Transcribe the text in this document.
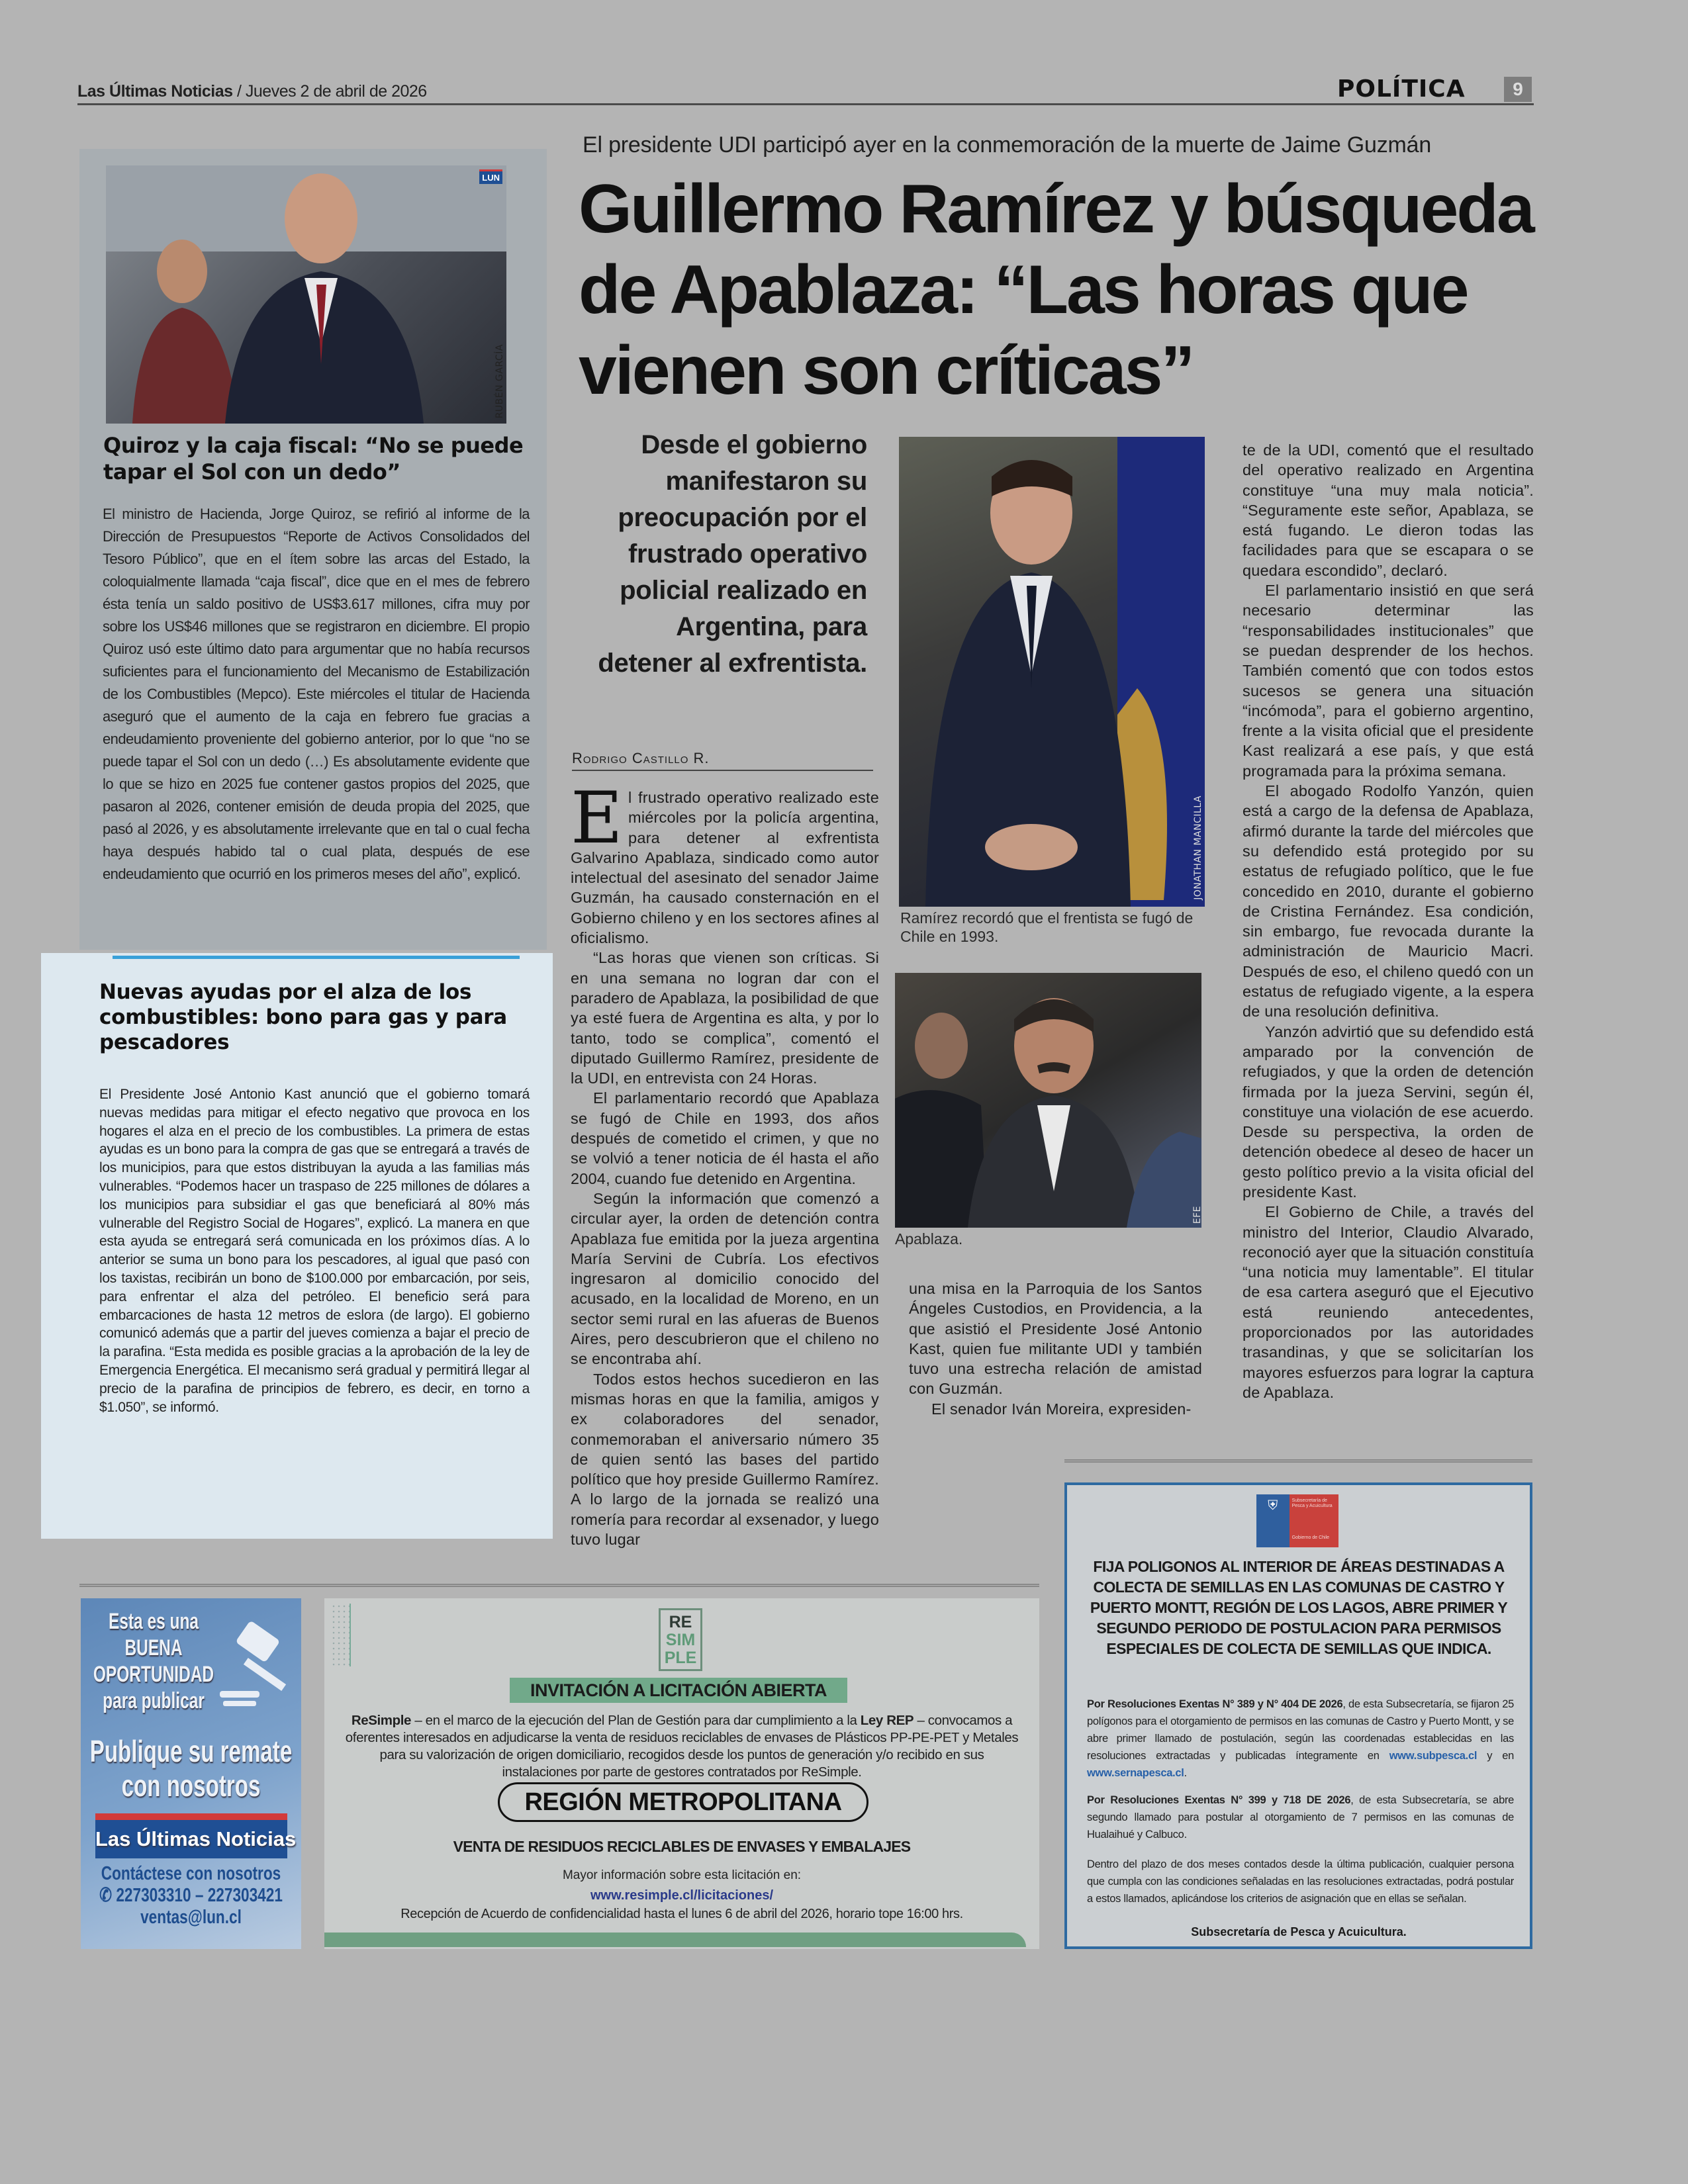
Las Últimas Noticias / Jueves 2 de abril de 2026	POLÍTICA	9
LUN
RUBÉN GARCÍA
Quiroz y la caja fiscal: “No se puede tapar el Sol con un dedo”
El ministro de Hacienda, Jorge Quiroz, se refirió al informe de la Dirección de Presupuestos “Reporte de Activos Consolidados del Tesoro Público”, que en el ítem sobre las arcas del Estado, la coloquialmente llamada “caja fiscal”, dice que en el mes de febrero ésta tenía un saldo positivo de US$3.617 millones, cifra muy por sobre los US$46 millones que se registraron en diciembre. El propio Quiroz usó este último dato para argumentar que no había recursos suficientes para el funcionamiento del Mecanismo de Estabilización de los Combustibles (Mepco). Este miércoles el titular de Hacienda aseguró que el aumento de la caja en febrero fue gracias a endeudamiento proveniente del gobierno anterior, por lo que “no se puede tapar el Sol con un dedo (…) Es absolutamente evidente que lo que se hizo en 2025 fue contener gastos propios del 2025, que pasaron al 2026, contener emisión de deuda propia del 2025, que pasó al 2026, y es absolutamente irrelevante que en tal o cual fecha haya después habido tal o cual plata, después de ese endeudamiento que ocurrió en los primeros meses del año”, explicó.
Nuevas ayudas por el alza de los combustibles: bono para gas y para pescadores
El Presidente José Antonio Kast anunció que el gobierno tomará nuevas medidas para mitigar el efecto negativo que provoca en los hogares el alza en el precio de los combustibles. La primera de estas ayudas es un bono para la compra de gas que se entregará a través de los municipios, para que estos distribuyan la ayuda a las familias más vulnerables. “Podemos hacer un traspaso de 225 millones de dólares a los municipios para subsidiar el gas que beneficiará al 80% más vulnerable del Registro Social de Hogares”, explicó. La manera en que esta ayuda se entregará será comunicada en los próximos días. A lo anterior se suma un bono para los pescadores, al igual que pasó con los taxistas, recibirán un bono de $100.000 por embarcación, por seis, para enfrentar el alza del petróleo. El beneficio será para embarcaciones de hasta 12 metros de eslora (de largo). El gobierno comunicó además que a partir del jueves comienza a bajar el precio de la parafina. “Esta medida es posible gracias a la aprobación de la ley de Emergencia Energética. El mecanismo será gradual y permitirá llegar al precio de la parafina de principios de febrero, es decir, en torno a $1.050”, se informó.
El presidente UDI participó ayer en la conmemoración de la muerte de Jaime Guzmán
Guillermo Ramírez y búsqueda
de Apablaza: “Las horas que
vienen son críticas”
Desde el gobierno manifestaron su preocupación por el frustrado operativo policial realizado en Argentina, para detener al exfrentista.
Rodrigo Castillo R.

El frustrado operativo realizado este miércoles por la policía argentina, para detener al exfrentista Galvarino Apablaza, sindicado como autor intelectual del asesinato del senador Jaime Guzmán, ha causado consternación en el Gobierno chileno y en los sectores afines al oficialismo.

“Las horas que vienen son críticas. Si en una semana no logran dar con el paradero de Apablaza, la posibilidad de que ya esté fuera de Argentina es alta, y por lo tanto, todo se complica”, comentó el diputado Guillermo Ramírez, presidente de la UDI, en entrevista con 24 Horas.

El parlamentario recordó que Apablaza se fugó de Chile en 1993, dos años después de cometido el crimen, y que no se volvió a tener noticia de él hasta el año 2004, cuando fue detenido en Argentina.

Según la información que comenzó a circular ayer, la orden de detención contra Apablaza fue emitida por la jueza argentina María Servini de Cubría. Los efectivos ingresaron al domicilio conocido del acusado, en la localidad de Moreno, en un sector semi rural en las afueras de Buenos Aires, pero descubrieron que el chileno no se encontraba ahí.

Todos estos hechos sucedieron en las mismas horas en que la familia, amigos y ex colaboradores del senador, conmemoraban el aniversario número 35 de quien sentó las bases del partido político que hoy preside Guillermo Ramírez. A lo largo de la jornada se realizó una romería para recordar al exsenador, y luego tuvo lugar

JONATHAN MANCILLA
Ramírez recordó que el frentista se fugó de Chile en 1993.
EFE
Apablaza.

una misa en la Parroquia de los Santos Ángeles Custodios, en Providencia, a la que asistió el Presidente José Antonio Kast, quien fue militante UDI y también tuvo una estrecha relación de amistad con Guzmán.

El senador Iván Moreira, expresiden-

te de la UDI, comentó que el resultado del operativo realizado en Argentina constituye “una muy mala noticia”. “Seguramente este señor, Apablaza, se está fugando. Le dieron todas las facilidades para que se escapara o se quedara escondido”, declaró.

El parlamentario insistió en que será necesario determinar las “responsabilidades institucionales” que se puedan desprender de los hechos. También comentó que con todos estos sucesos se genera una situación “incómoda”, para el gobierno argentino, frente a la visita oficial que el presidente Kast realizará a ese país, y que está programada para la próxima semana.

El abogado Rodolfo Yanzón, quien está a cargo de la defensa de Apablaza, afirmó durante la tarde del miércoles que su defendido está protegido por su estatus de refugiado político, que le fue concedido en 2010, durante el gobierno de Cristina Fernández. Esa condición, sin embargo, fue revocada durante la administración de Mauricio Macri. Después de eso, el chileno quedó con un estatus de refugiado vigente, a la espera de una resolución definitiva.

Yanzón advirtió que su defendido está amparado por la convención de refugiados, y que la orden de detención firmada por la jueza Servini, según él, constituye una violación de ese acuerdo. Desde su perspectiva, la orden de detención obedece al deseo de hacer un gesto político previo a la visita oficial del presidente Kast.

El Gobierno de Chile, a través del ministro del Interior, Claudio Alvarado, reconoció ayer que la situación constituía “una noticia muy lamentable”. El titular de esa cartera aseguró que el Ejecutivo está reuniendo antecedentes, proporcionados por las autoridades trasandinas, y que se solicitarían los mayores esfuerzos para lograr la captura de Apablaza.

Esta es una
BUENA
OPORTUNIDAD
para publicar
Publique su remate
con nosotros
Las Últimas Noticias
Contáctese con nosotros
✆ 227303310 – 227303421
ventas@lun.cl
RE
SIM
PLE
INVITACIÓN A LICITACIÓN ABIERTA
ReSimple – en el marco de la ejecución del Plan de Gestión para dar cumplimiento a la Ley REP – convocamos a oferentes interesados en adjudicarse la venta de residuos reciclables de envases de Plásticos PP-PE-PET y Metales para su valorización de origen domiciliario, recogidos desde los puntos de generación y/o recibido en sus instalaciones por parte de gestores contratados por ReSimple.
REGIÓN METROPOLITANA
VENTA DE RESIDUOS RECICLABLES DE ENVASES Y EMBALAJES
Mayor información sobre esta licitación en:
www.resimple.cl/licitaciones/
Recepción de Acuerdo de confidencialidad hasta el lunes 6 de abril del 2026, horario tope 16:00 hrs.
⛨	Subsecretaría de Pesca y Acuicultura
Gobierno de Chile
FIJA POLIGONOS AL INTERIOR DE ÁREAS DESTINADAS A COLECTA DE SEMILLAS EN LAS COMUNAS DE CASTRO Y PUERTO MONTT, REGIÓN DE LOS LAGOS, ABRE PRIMER Y SEGUNDO PERIODO DE POSTULACION PARA PERMISOS ESPECIALES DE COLECTA DE SEMILLAS QUE INDICA.
Por Resoluciones Exentas N° 389 y N° 404 DE 2026, de esta Subsecretaría, se fijaron 25 polígonos para el otorgamiento de permisos en las comunas de Castro y Puerto Montt, y se abre primer llamado de postulación, según las coordenadas establecidas en las resoluciones extractadas y publicadas íntegramente en www.subpesca.cl y en www.sernapesca.cl.
Por Resoluciones Exentas N° 399 y 718 DE 2026, de esta Subsecretaría, se abre segundo llamado para postular al otorgamiento de 7 permisos en las comunas de Hualaihué y Calbuco.
Dentro del plazo de dos meses contados desde la última publicación, cualquier persona que cumpla con las condiciones señaladas en las resoluciones extractadas, podrá postular a estos llamados, aplicándose los criterios de asignación que en ellas se señalan.
Subsecretaría de Pesca y Acuicultura.
